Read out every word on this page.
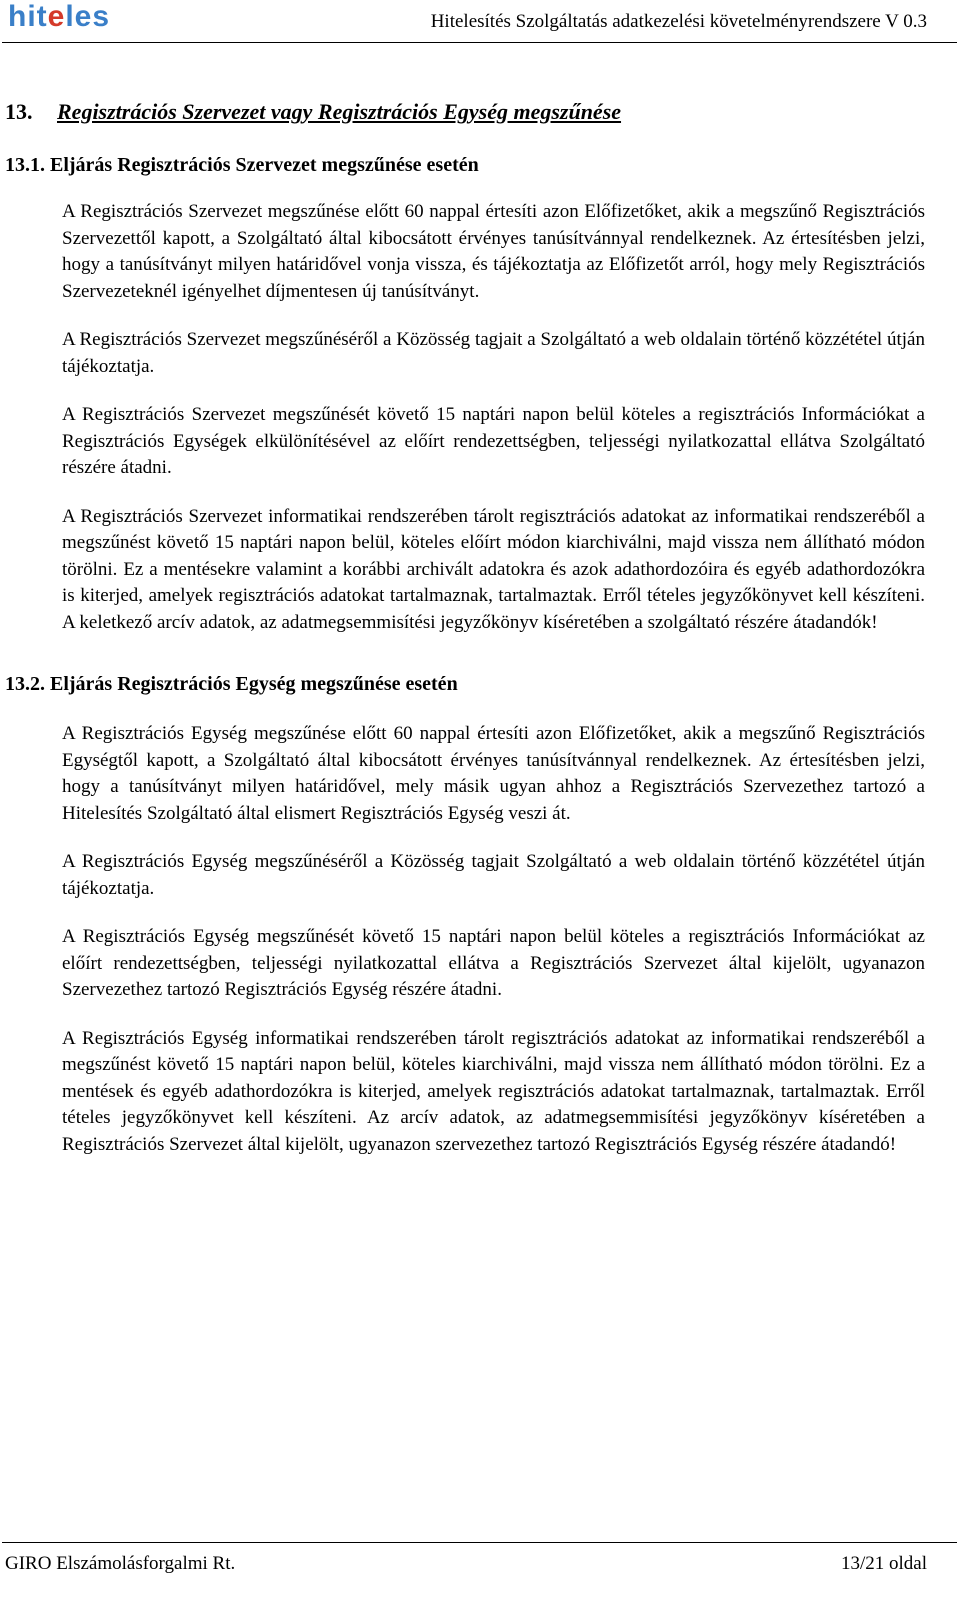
hiteles	Hitelesítés Szolgáltatás adatkezelési követelményrendszere V 0.3
13.	Regisztrációs Szervezet vagy Regisztrációs Egység megszűnése
13.1. Eljárás Regisztrációs Szervezet megszűnése esetén

A Regisztrációs Szervezet megszűnése előtt 60 nappal értesíti azon Előfizetőket, akik a megszűnő Regisztrációs Szervezettől kapott, a Szolgáltató által kibocsátott érvényes tanúsítvánnyal rendelkeznek. Az értesítésben jelzi, hogy a tanúsítványt milyen határidővel vonja vissza, és tájékoztatja az Előfizetőt arról, hogy mely Regisztrációs Szervezeteknél igényelhet díjmentesen új tanúsítványt.

A Regisztrációs Szervezet megszűnéséről a Közösség tagjait a Szolgáltató a web oldalain történő közzététel útján tájékoztatja.

A Regisztrációs Szervezet megszűnését követő 15 naptári napon belül köteles a regisztrációs Információkat a Regisztrációs Egységek elkülönítésével az előírt rendezettségben, teljességi nyilatkozattal ellátva Szolgáltató részére átadni.

A Regisztrációs Szervezet informatikai rendszerében tárolt regisztrációs adatokat az informatikai rendszeréből a megszűnést követő 15 naptári napon belül, köteles előírt módon kiarchiválni, majd vissza nem állítható módon törölni. Ez a mentésekre valamint a korábbi archivált adatokra és azok adathordozóira és egyéb adathordozókra is kiterjed, amelyek regisztrációs adatokat tartalmaznak, tartalmaztak. Erről tételes jegyzőkönyvet kell készíteni. A keletkező arcív adatok, az adatmegsemmisítési jegyzőkönyv kíséretében a szolgáltató részére átadandók!

13.2. Eljárás Regisztrációs Egység megszűnése esetén

A Regisztrációs Egység megszűnése előtt 60 nappal értesíti azon Előfizetőket, akik a megszűnő Regisztrációs Egységtől kapott, a Szolgáltató által kibocsátott érvényes tanúsítvánnyal rendelkeznek. Az értesítésben jelzi, hogy a tanúsítványt milyen határidővel, mely másik ugyan ahhoz a Regisztrációs Szervezethez tartozó a Hitelesítés Szolgáltató által elismert Regisztrációs Egység veszi át.

A Regisztrációs Egység megszűnéséről a Közösség tagjait Szolgáltató a web oldalain történő közzététel útján tájékoztatja.

A Regisztrációs Egység megszűnését követő 15 naptári napon belül köteles a regisztrációs Információkat az előírt rendezettségben, teljességi nyilatkozattal ellátva a Regisztrációs Szervezet által kijelölt, ugyanazon Szervezethez tartozó Regisztrációs Egység részére átadni.

A Regisztrációs Egység informatikai rendszerében tárolt regisztrációs adatokat az informatikai rendszeréből a megszűnést követő 15 naptári napon belül, köteles kiarchiválni, majd vissza nem állítható módon törölni. Ez a mentések és egyéb adathordozókra is kiterjed, amelyek regisztrációs adatokat tartalmaznak, tartalmaztak. Erről tételes jegyzőkönyvet kell készíteni. Az arcív adatok, az adatmegsemmisítési jegyzőkönyv kíséretében a Regisztrációs Szervezet által kijelölt, ugyanazon szervezethez tartozó Regisztrációs Egység részére átadandó!

GIRO Elszámolásforgalmi Rt.	13/21 oldal
